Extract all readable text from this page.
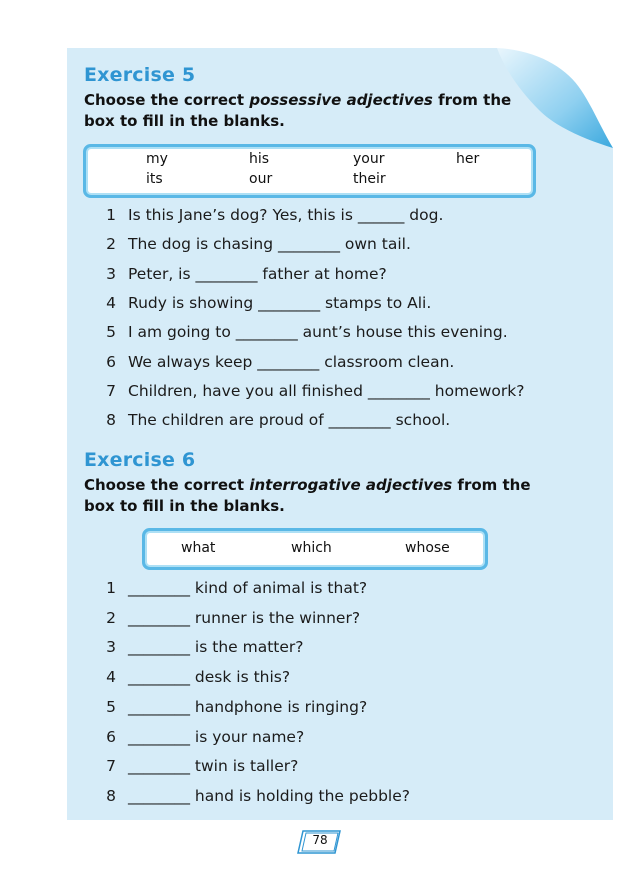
Exercise 5
Choose the correct possessive adjectives from the box to fill in the blanks.
my	his	your	her
its	our	their
1 Is this Jane’s dog? Yes, this is ______ dog.
2 The dog is chasing ________ own tail.
3 Peter, is ________ father at home?
4 Rudy is showing ________ stamps to Ali.
5 I am going to ________ aunt’s house this evening.
6 We always keep ________ classroom clean.
7 Children, have you all finished ________ homework?
8 The children are proud of ________ school.
Exercise 6
Choose the correct interrogative adjectives from the box to fill in the blanks.
what	which	whose
1 ________ kind of animal is that?
2 ________ runner is the winner?
3 ________ is the matter?
4 ________ desk is this?
5 ________ handphone is ringing?
6 ________ is your name?
7 ________ twin is taller?
8 ________ hand is holding the pebble?
78
